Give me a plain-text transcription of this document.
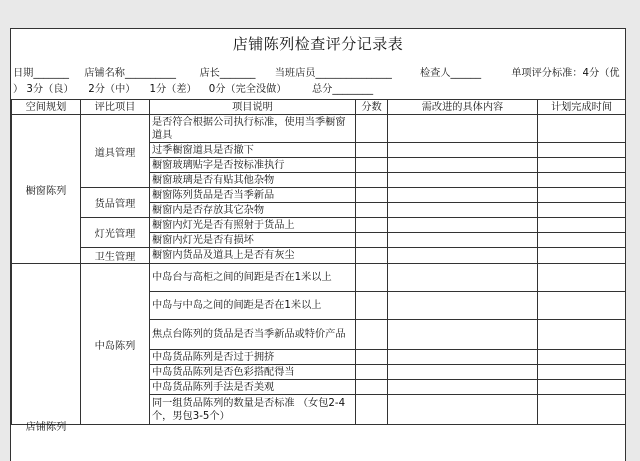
店铺陈列检查评分记录表
日期_______ 店铺名称__________ 店长_______ 当班店员_______________	检查人______	单项评分标准：4分（优
） 3分（良） 2分（中） 1分（差） 0分（完全没做） 总分________
空间规划	评比项目	项目说明	分数	需改进的具体内容	计划完成时间
橱窗陈列	道具管理	是否符合根据公司执行标准，使用当季橱窗道具			
		过季橱窗道具是否撤下			
		橱窗玻璃贴字是否按标准执行			
		橱窗玻璃是否有贴其他杂物			
	货品管理	橱窗陈列货品是否当季新品			
		橱窗内是否存放其它杂物			
	灯光管理	橱窗内灯光是否有照射于货品上			
		橱窗内灯光是否有损坏			
	卫生管理	橱窗内货品及道具上是否有灰尘			

店铺陈列	中岛陈列	中岛台与高柜之间的间距是否在1米以上			
		中岛与中岛之间的间距是否在1米以上			
		焦点台陈列的货品是否当季新品或特价产品			
		中岛货品陈列是否过于拥挤			
		中岛货品陈列是否色彩搭配得当			
		中岛货品陈列手法是否美观			
		同一组货品陈列的数量是否标准 （女包2-4个，男包3-5个）			
